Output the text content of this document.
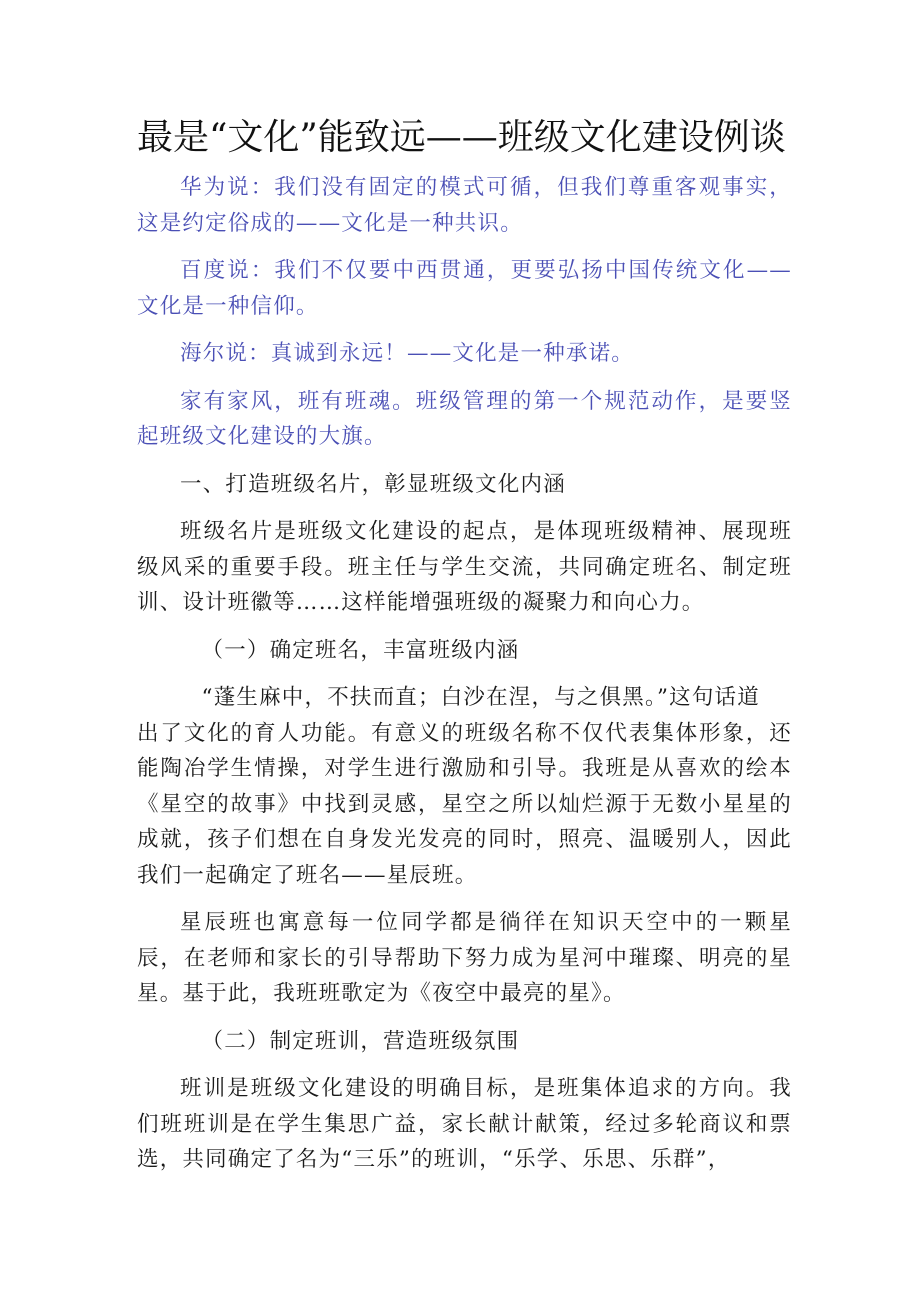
最是“文化”能致远——班级文化建设例谈

华为说：我们没有固定的模式可循，但我们尊重客观事实，这是约定俗成的——文化是一种共识。

百度说：我们不仅要中西贯通，更要弘扬中国传统文化——文化是一种信仰。

海尔说：真诚到永远！——文化是一种承诺。

家有家风，班有班魂。班级管理的第一个规范动作，是要竖起班级文化建设的大旗。

一、打造班级名片，彰显班级文化内涵

班级名片是班级文化建设的起点，是体现班级精神、展现班级风采的重要手段。班主任与学生交流，共同确定班名、制定班训、设计班徽等……这样能增强班级的凝聚力和向心力。

（一）确定班名，丰富班级内涵

“蓬生麻中，不扶而直；白沙在涅，与之俱黑。”这句话道

出了文化的育人功能。有意义的班级名称不仅代表集体形象，还能陶冶学生情操，对学生进行激励和引导。我班是从喜欢的绘本《星空的故事》中找到灵感，星空之所以灿烂源于无数小星星的成就，孩子们想在自身发光发亮的同时，照亮、温暖别人，因此我们一起确定了班名——星辰班。

星辰班也寓意每一位同学都是徜徉在知识天空中的一颗星辰，在老师和家长的引导帮助下努力成为星河中璀璨、明亮的星星。基于此，我班班歌定为《夜空中最亮的星》。

（二）制定班训，营造班级氛围

班训是班级文化建设的明确目标，是班集体追求的方向。我们班班训是在学生集思广益，家长献计献策，经过多轮商议和票选，共同确定了名为“三乐”的班训，“乐学、乐思、乐群”，
